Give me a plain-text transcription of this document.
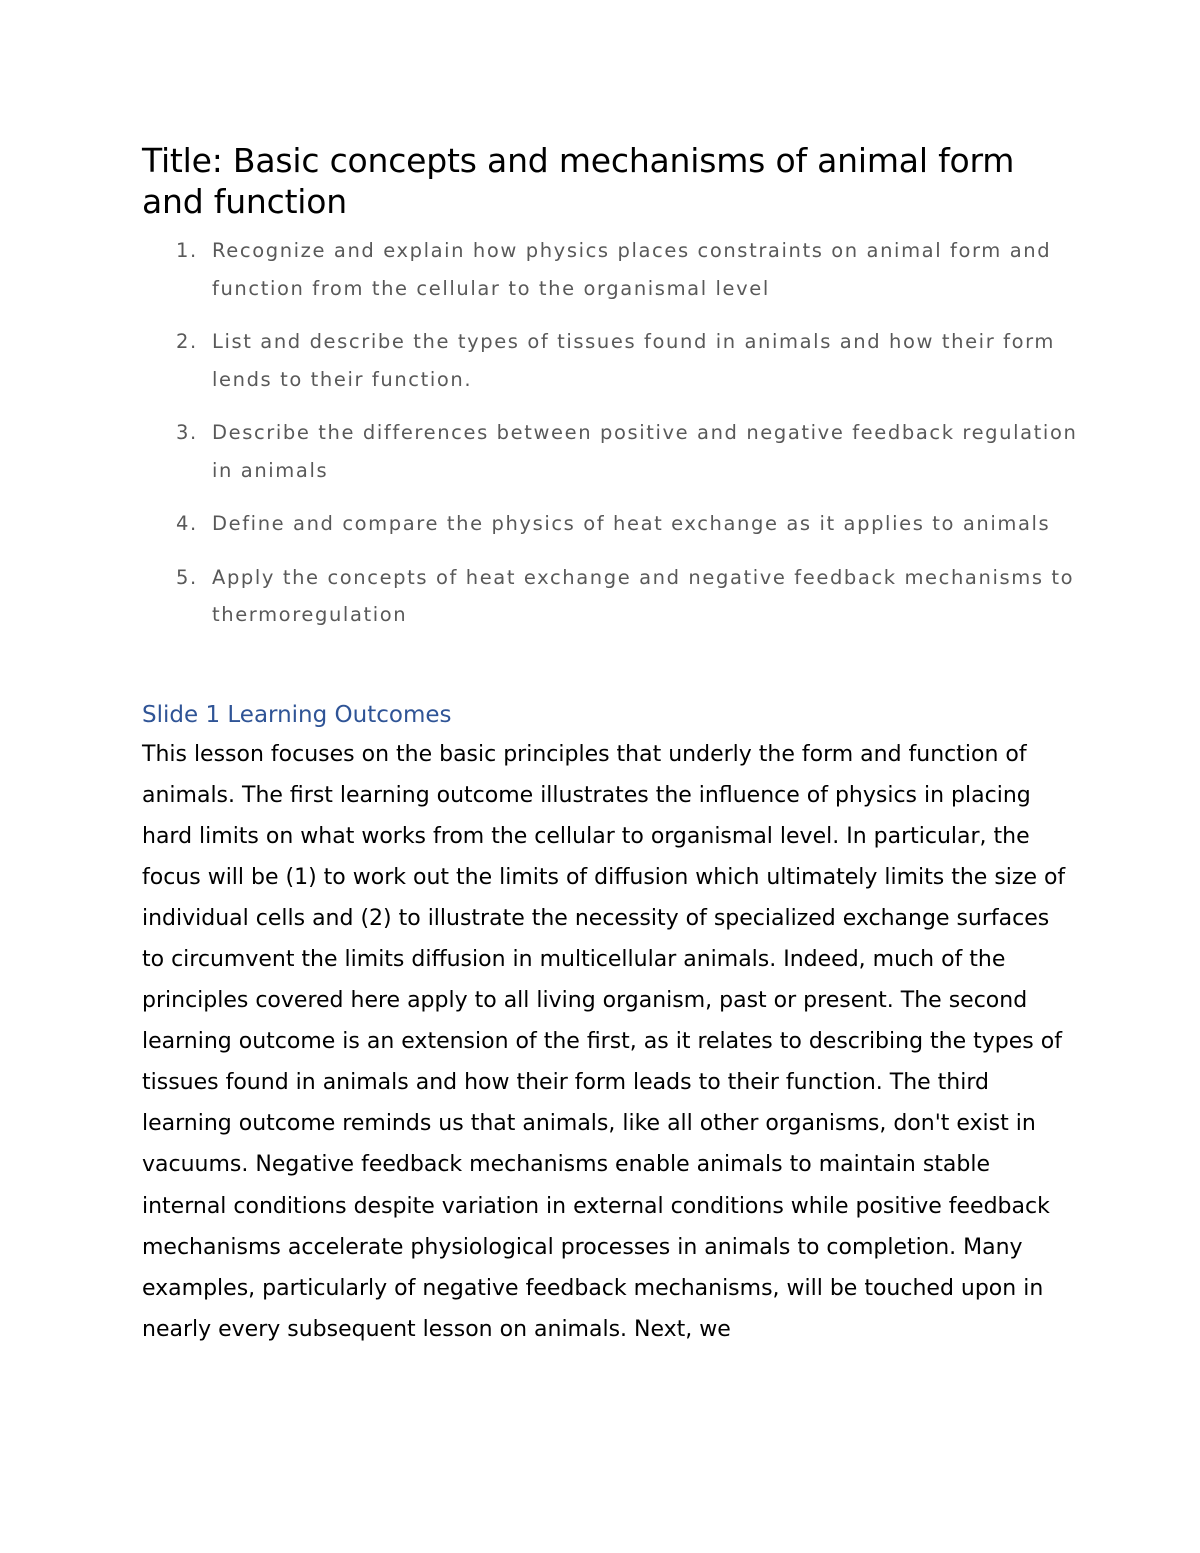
Title: Basic concepts and mechanisms of animal form and function
1. Recognize and explain how physics places constraints on animal form and function from the cellular to the organismal level
2. List and describe the types of tissues found in animals and how their form lends to their function.
3. Describe the differences between positive and negative feedback regulation in animals
4. Define and compare the physics of heat exchange as it applies to animals
5. Apply the concepts of heat exchange and negative feedback mechanisms to thermoregulation
Slide 1 Learning Outcomes

This lesson focuses on the basic principles that underly the form and function of animals. The first learning outcome illustrates the influence of physics in placing hard limits on what works from the cellular to organismal level. In particular, the focus will be (1) to work out the limits of diffusion which ultimately limits the size of individual cells and (2) to illustrate the necessity of specialized exchange surfaces to circumvent the limits diffusion in multicellular animals. Indeed, much of the principles covered here apply to all living organism, past or present. The second learning outcome is an extension of the first, as it relates to describing the types of tissues found in animals and how their form leads to their function. The third learning outcome reminds us that animals, like all other organisms, don't exist in vacuums. Negative feedback mechanisms enable animals to maintain stable internal conditions despite variation in external conditions while positive feedback mechanisms accelerate physiological processes in animals to completion. Many examples, particularly of negative feedback mechanisms, will be touched upon in nearly every subsequent lesson on animals. Next, we
